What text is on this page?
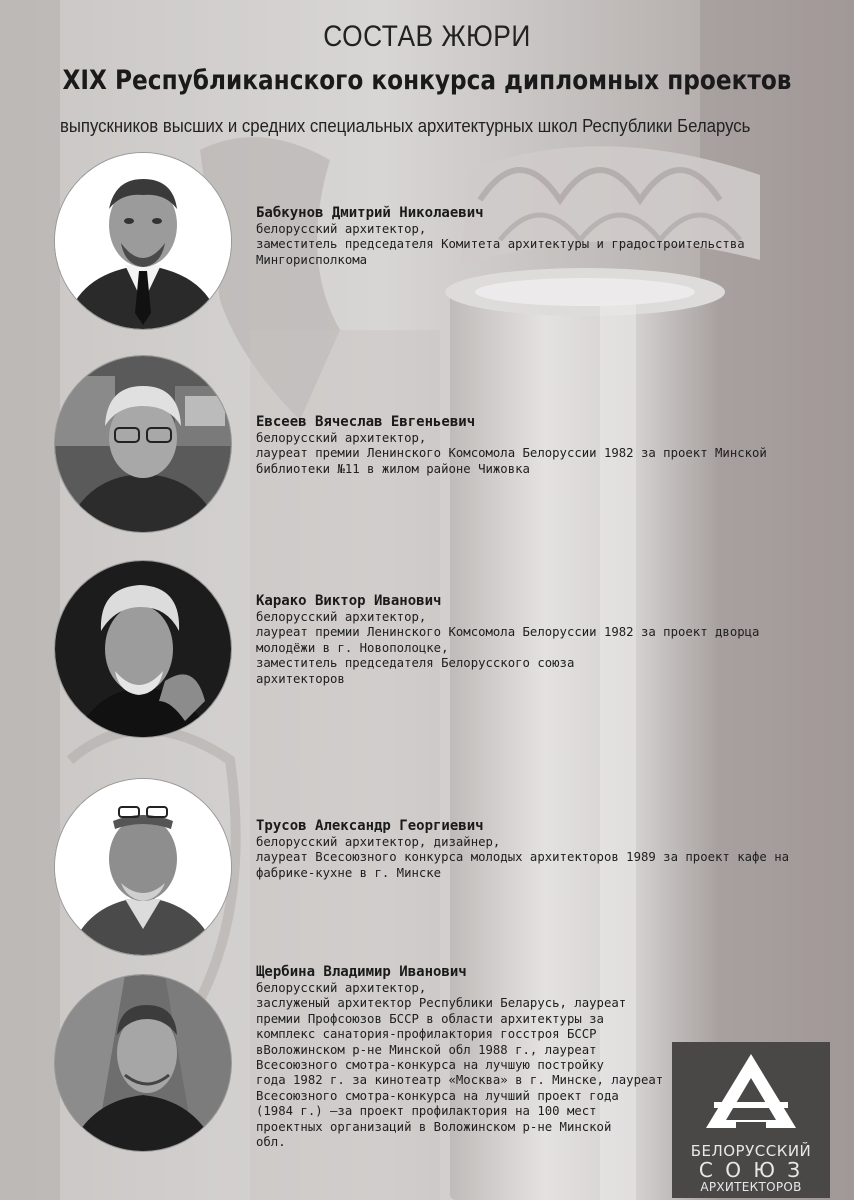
СОСТАВ ЖЮРИ
XIX Республиканского конкурса дипломных проектов
выпускников высших и средних специальных архитектурных школ Республики Беларусь
Бабкунов Дмитрий Николаевич
белорусский архитектор,
заместитель председателя Комитета архитектуры и градостроительства
Мингорисполкома
Евсеев Вячеслав Евгеньевич
белорусский архитектор,
лауреат премии Ленинского Комсомола Белоруссии 1982 за проект Минской
библиотеки №11 в жилом районе Чижовка
Карако Виктор Иванович
белорусский архитектор,
лауреат премии Ленинского Комсомола Белоруссии 1982 за проект дворца
молодёжи в г. Новополоцке,
заместитель председателя Белорусского союза
архитекторов
Трусов Александр Георгиевич
белорусский архитектор, дизайнер,
лауреат Всесоюзного конкурса молодых архитекторов 1989 за проект кафе на
фабрике-кухне в г. Минске
Щербина Владимир Иванович
белорусский архитектор,
заслуженый архитектор Республики Беларусь, лауреат
премии Профсоюзов БССР в области архитектуры за
комплекс санатория-профилактория госстроя БССР
вВоложинском р-не Минской обл 1988 г., лауреат
Всесоюзного смотра-конкурса на лучшую постройку
года 1982 г. за кинотеатр «Москва» в г. Минске, лауреат
Всесоюзного смотра-конкурса на лучший проект года
(1984 г.) –за проект профилактория на 100 мест
проектных организаций в Воложинском р-не Минской
обл.	БЕЛОРУССКИЙ
С О Ю З
АРХИТЕКТОРОВ
